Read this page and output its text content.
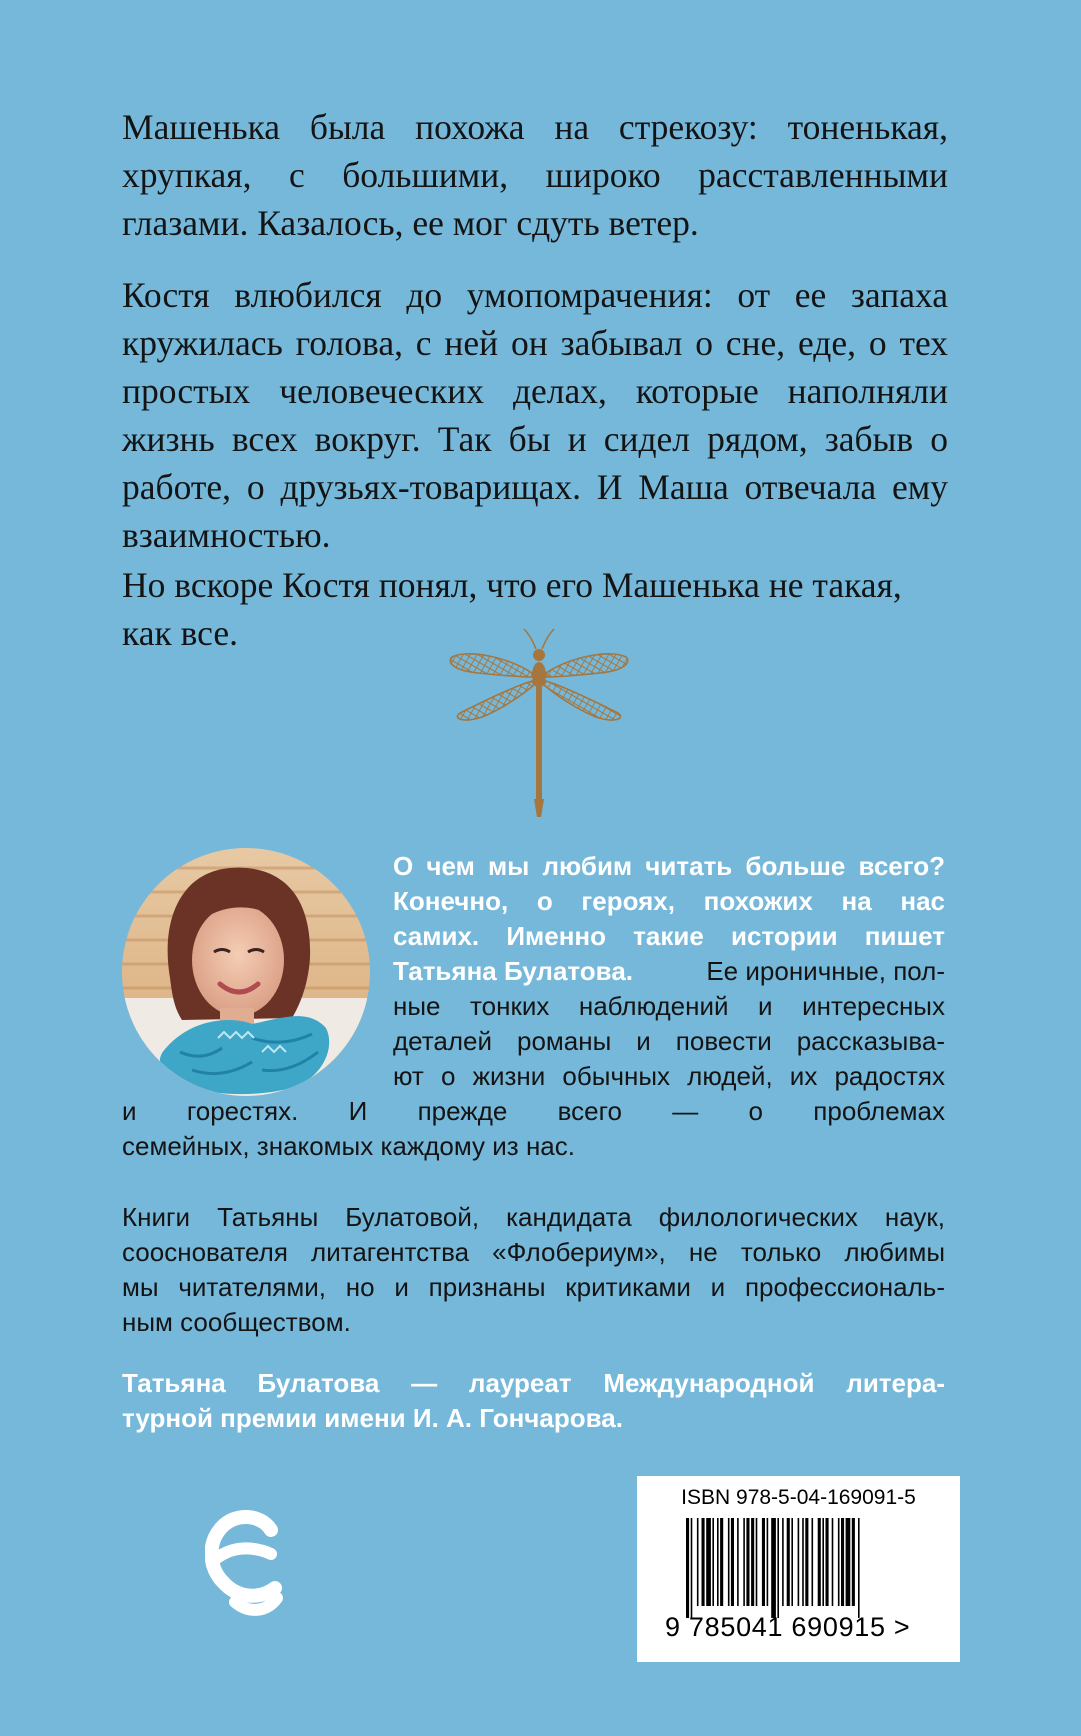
Машенька была похожа на стрекозу: тоненькая, хрупкая, с большими, широко расставленными глазами. Казалось, ее мог сдуть ветер.

Костя влюбился до умопомрачения: от ее запаха кружилась голова, с ней он забывал о сне, еде, о тех простых человеческих делах, которые наполняли жизнь всех вокруг. Так бы и сидел рядом, забыв о работе, о друзьях-товарищах. И Маша отвечала ему взаимностью.

Но вскоре Костя понял, что его Машенька не такая, как все.

О чем мы любим читать больше всего?
Конечно, о героях, похожих на нас
самих. Именно такие истории пишет
Татьяна Булатова.	Ее ироничные, пол-
ные тонких наблюдений и интересных
деталей романы и повести рассказыва-
ют о жизни обычных людей, их радостях
и горестях. И прежде всего — о проблемах
семейных, знакомых каждому из нас.
Книги Татьяны Булатовой, кандидата филологических наук,
сооснователя литагентства «Флобериум», не только любимы
мы читателями, но и признаны критиками и профессиональ-
ным сообществом.
Татьяна Булатова — лауреат Международной литера-
турной премии имени И. А. Гончарова.
ISBN 978-5-04-169091-5
9 785041 690915 >
